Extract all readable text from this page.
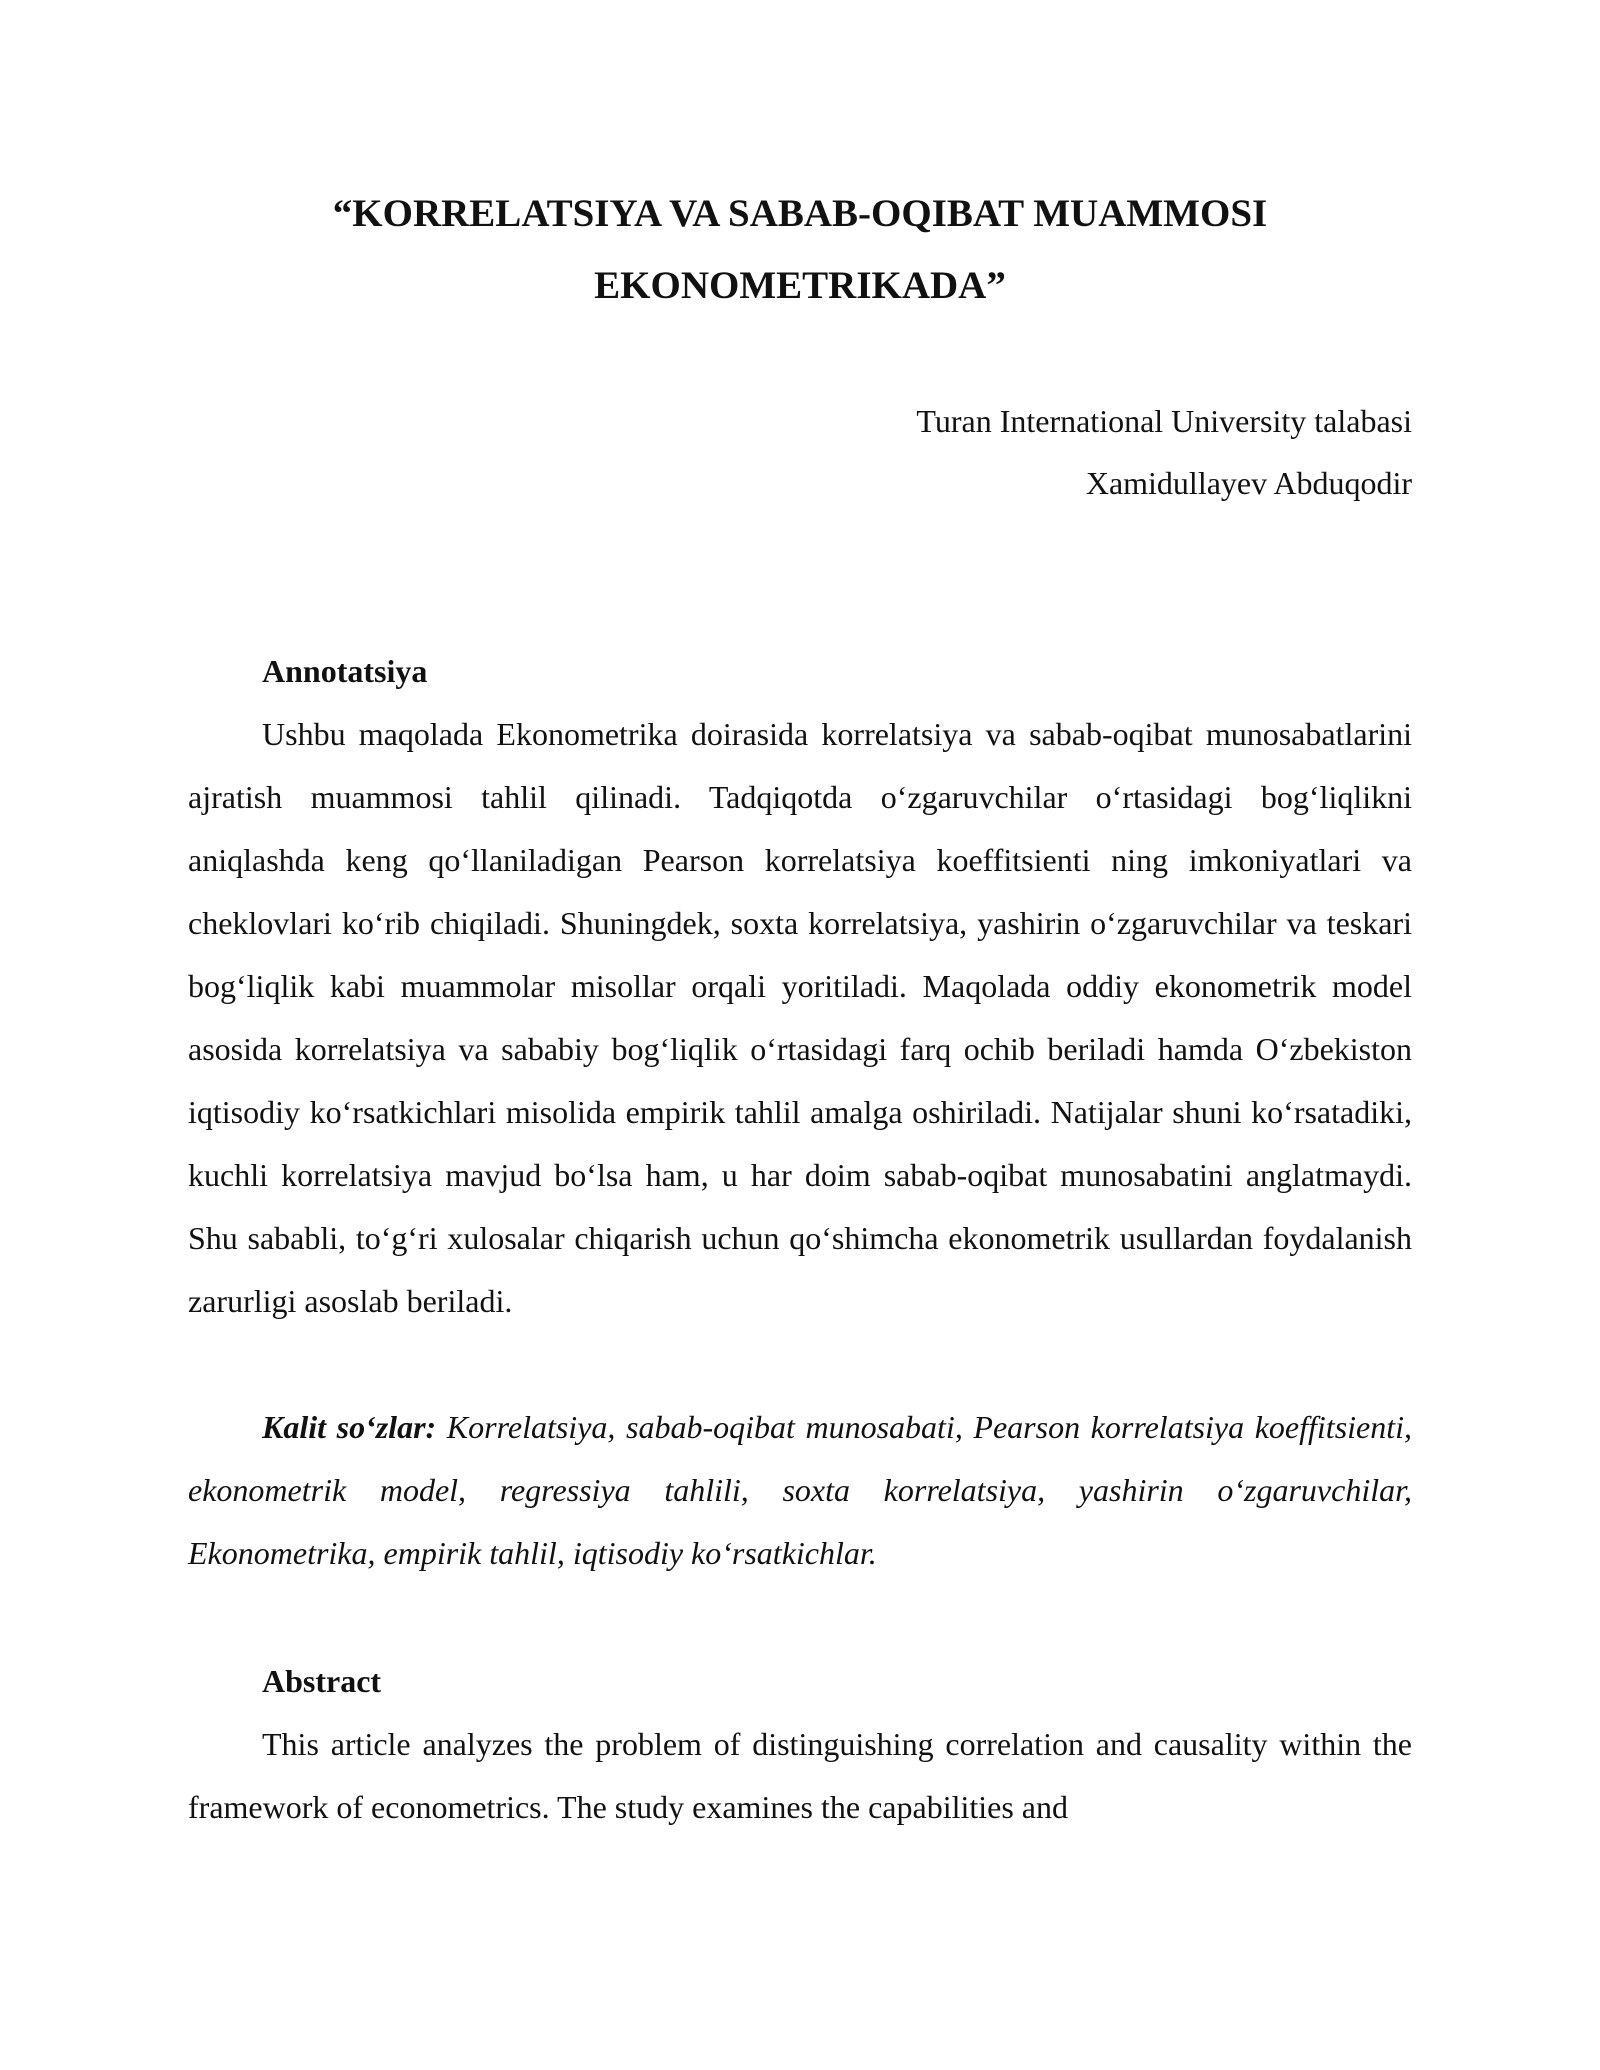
“KORRELATSIYA VA SABAB-OQIBAT MUAMMOSI
EKONOMETRIKADA”
Turan International University talabasi
Xamidullayev Abduqodir
Annotatsiya

Ushbu maqolada Ekonometrika doirasida korrelatsiya va sabab-oqibat munosabatlarini ajratish muammosi tahlil qilinadi. Tadqiqotda o‘zgaruvchilar o‘rtasidagi bog‘liqlikni aniqlashda keng qo‘llaniladigan Pearson korrelatsiya koeffitsienti ning imkoniyatlari va cheklovlari ko‘rib chiqiladi. Shuningdek, soxta korrelatsiya, yashirin o‘zgaruvchilar va teskari bog‘liqlik kabi muammolar misollar orqali yoritiladi. Maqolada oddiy ekonometrik model asosida korrelatsiya va sababiy bog‘liqlik o‘rtasidagi farq ochib beriladi hamda O‘zbekiston iqtisodiy ko‘rsatkichlari misolida empirik tahlil amalga oshiriladi. Natijalar shuni ko‘rsatadiki, kuchli korrelatsiya mavjud bo‘lsa ham, u har doim sabab-oqibat munosabatini anglatmaydi. Shu sababli, to‘g‘ri xulosalar chiqarish uchun qo‘shimcha ekonometrik usullardan foydalanish zarurligi asoslab beriladi.

Kalit so‘zlar: Korrelatsiya, sabab-oqibat munosabati, Pearson korrelatsiya koeffitsienti, ekonometrik model, regressiya tahlili, soxta korrelatsiya, yashirin o‘zgaruvchilar, Ekonometrika, empirik tahlil, iqtisodiy ko‘rsatkichlar.

Abstract

This article analyzes the problem of distinguishing correlation and causality within the framework of econometrics. The study examines the capabilities and
